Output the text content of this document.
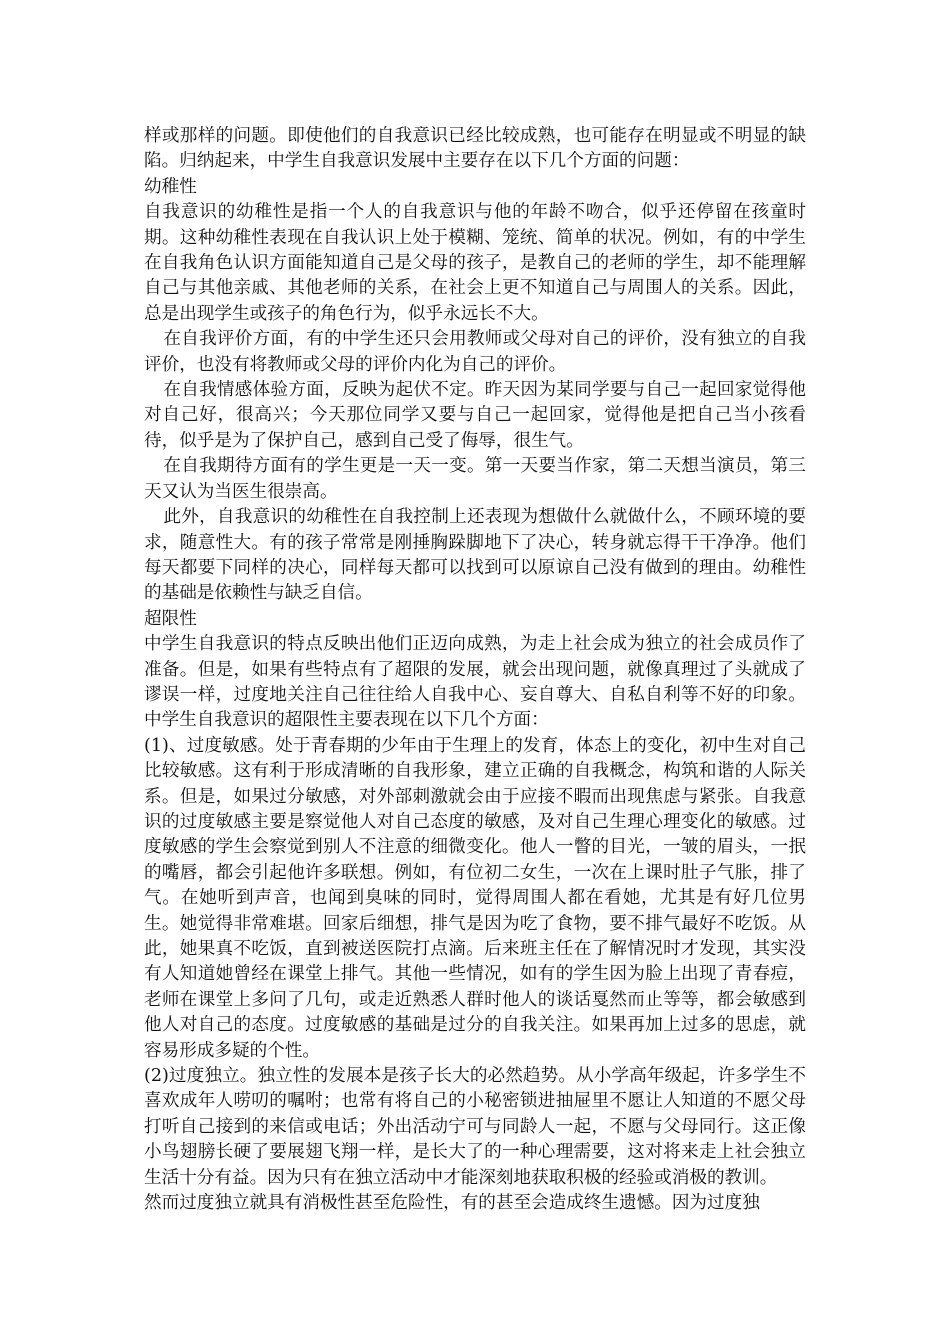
样或那样的问题。即使他们的自我意识已经比较成熟，也可能存在明显或不明显的缺陷。归纳起来，中学生自我意识发展中主要存在以下几个方面的问题：

幼稚性

自我意识的幼稚性是指一个人的自我意识与他的年龄不吻合，似乎还停留在孩童时期。这种幼稚性表现在自我认识上处于模糊、笼统、简单的状况。例如，有的中学生在自我角色认识方面能知道自己是父母的孩子，是教自己的老师的学生，却不能理解自己与其他亲戚、其他老师的关系，在社会上更不知道自己与周围人的关系。因此，总是出现学生或孩子的角色行为，似乎永远长不大。

在自我评价方面，有的中学生还只会用教师或父母对自己的评价，没有独立的自我评价，也没有将教师或父母的评价内化为自己的评价。

在自我情感体验方面，反映为起伏不定。昨天因为某同学要与自己一起回家觉得他对自己好，很高兴；今天那位同学又要与自己一起回家，觉得他是把自己当小孩看待，似乎是为了保护自己，感到自己受了侮辱，很生气。

在自我期待方面有的学生更是一天一变。第一天要当作家，第二天想当演员，第三天又认为当医生很崇高。

此外，自我意识的幼稚性在自我控制上还表现为想做什么就做什么，不顾环境的要求，随意性大。有的孩子常常是刚捶胸跺脚地下了决心，转身就忘得干干净净。他们每天都要下同样的决心，同样每天都可以找到可以原谅自己没有做到的理由。幼稚性的基础是依赖性与缺乏自信。

超限性

中学生自我意识的特点反映出他们正迈向成熟，为走上社会成为独立的社会成员作了准备。但是，如果有些特点有了超限的发展，就会出现问题，就像真理过了头就成了谬误一样，过度地关注自己往往给人自我中心、妄自尊大、自私自利等不好的印象。中学生自我意识的超限性主要表现在以下几个方面：

(1)、过度敏感。处于青春期的少年由于生理上的发育，体态上的变化，初中生对自己比较敏感。这有利于形成清晰的自我形象，建立正确的自我概念，构筑和谐的人际关系。但是，如果过分敏感，对外部刺激就会由于应接不暇而出现焦虑与紧张。自我意识的过度敏感主要是察觉他人对自己态度的敏感，及对自己生理心理变化的敏感。过度敏感的学生会察觉到别人不注意的细微变化。他人一瞥的目光，一皱的眉头，一抿的嘴唇，都会引起他许多联想。例如，有位初二女生，一次在上课时肚子气胀，排了气。在她听到声音，也闻到臭味的同时，觉得周围人都在看她，尤其是有好几位男生。她觉得非常难堪。回家后细想，排气是因为吃了食物，要不排气最好不吃饭。从此，她果真不吃饭，直到被送医院打点滴。后来班主任在了解情况时才发现，其实没有人知道她曾经在课堂上排气。其他一些情况，如有的学生因为脸上出现了青春痘，老师在课堂上多问了几句，或走近熟悉人群时他人的谈话戛然而止等等，都会敏感到他人对自己的态度。过度敏感的基础是过分的自我关注。如果再加上过多的思虑，就容易形成多疑的个性。

(2)过度独立。独立性的发展本是孩子长大的必然趋势。从小学高年级起，许多学生不喜欢成年人唠叨的嘱咐；也常有将自己的小秘密锁进抽屉里不愿让人知道的不愿父母打听自己接到的来信或电话；外出活动宁可与同龄人一起，不愿与父母同行。这正像小鸟翅膀长硬了要展翅飞翔一样，是长大了的一种心理需要，这对将来走上社会独立生活十分有益。因为只有在独立活动中才能深刻地获取积极的经验或消极的教训。

然而过度独立就具有消极性甚至危险性，有的甚至会造成终生遗憾。因为过度独
